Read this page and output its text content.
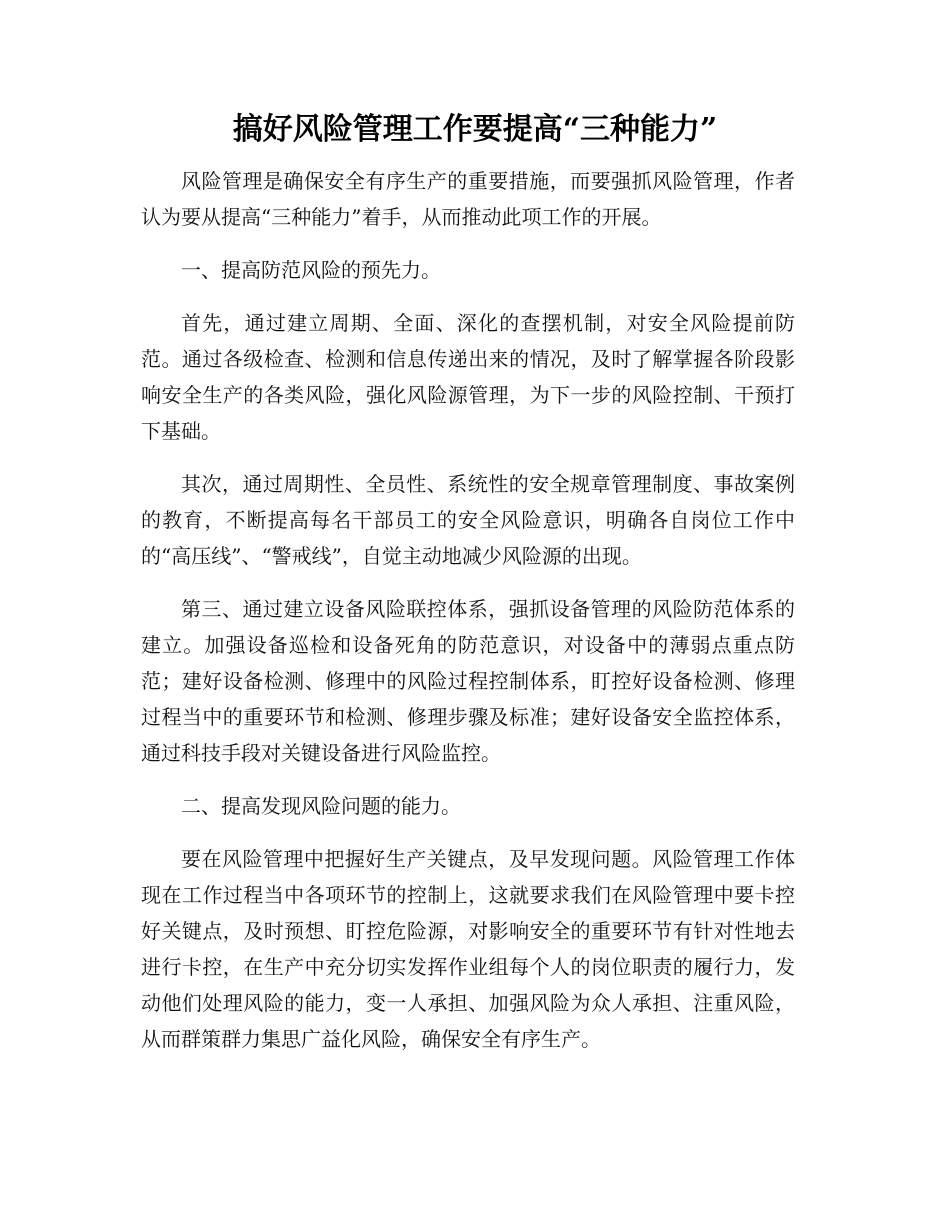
搞好风险管理工作要提高“三种能力”

风险管理是确保安全有序生产的重要措施，而要强抓风险管理，作者认为要从提高“三种能力”着手，从而推动此项工作的开展。

一、提高防范风险的预先力。

首先，通过建立周期、全面、深化的查摆机制，对安全风险提前防范。通过各级检查、检测和信息传递出来的情况，及时了解掌握各阶段影响安全生产的各类风险，强化风险源管理，为下一步的风险控制、干预打下基础。

其次，通过周期性、全员性、系统性的安全规章管理制度、事故案例的教育，不断提高每名干部员工的安全风险意识，明确各自岗位工作中的“高压线”、“警戒线”，自觉主动地减少风险源的出现。

第三、通过建立设备风险联控体系，强抓设备管理的风险防范体系的建立。加强设备巡检和设备死角的防范意识，对设备中的薄弱点重点防范；建好设备检测、修理中的风险过程控制体系，盯控好设备检测、修理过程当中的重要环节和检测、修理步骤及标准；建好设备安全监控体系，通过科技手段对关键设备进行风险监控。

二、提高发现风险问题的能力。

要在风险管理中把握好生产关键点，及早发现问题。风险管理工作体现在工作过程当中各项环节的控制上，这就要求我们在风险管理中要卡控好关键点，及时预想、盯控危险源，对影响安全的重要环节有针对性地去进行卡控，在生产中充分切实发挥作业组每个人的岗位职责的履行力，发动他们处理风险的能力，变一人承担、加强风险为众人承担、注重风险，从而群策群力集思广益化风险，确保安全有序生产。
